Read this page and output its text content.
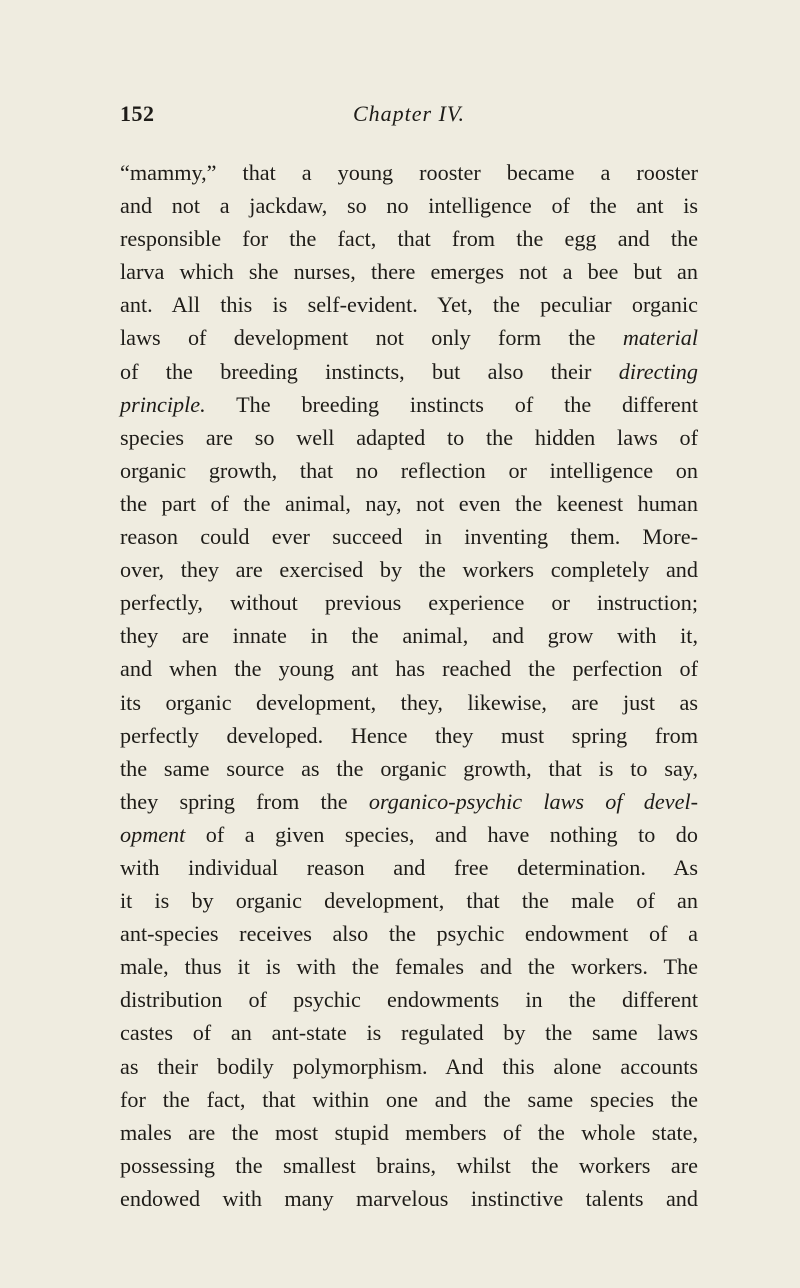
152	Chapter IV.
“mammy,” that a young rooster became a rooster
and not a jackdaw, so no intelligence of the ant is
responsible for the fact, that from the egg and the
larva which she nurses, there emerges not a bee but an
ant. All this is self-evident. Yet, the peculiar organic
laws of development not only form the material
of the breeding instincts, but also their directing
principle. The breeding instincts of the different
species are so well adapted to the hidden laws of
organic growth, that no reflection or intelligence on
the part of the animal, nay, not even the keenest human
reason could ever succeed in inventing them. More-
over, they are exercised by the workers completely and
perfectly, without previous experience or instruction;
they are innate in the animal, and grow with it,
and when the young ant has reached the perfection of
its organic development, they, likewise, are just as
perfectly developed. Hence they must spring from
the same source as the organic growth, that is to say,
they spring from the organico-psychic laws of devel-
opment of a given species, and have nothing to do
with individual reason and free determination. As
it is by organic development, that the male of an
ant-species receives also the psychic endowment of a
male, thus it is with the females and the workers. The
distribution of psychic endowments in the different
castes of an ant-state is regulated by the same laws
as their bodily polymorphism. And this alone accounts
for the fact, that within one and the same species the
males are the most stupid members of the whole state,
possessing the smallest brains, whilst the workers are
endowed with many marvelous instinctive talents and
